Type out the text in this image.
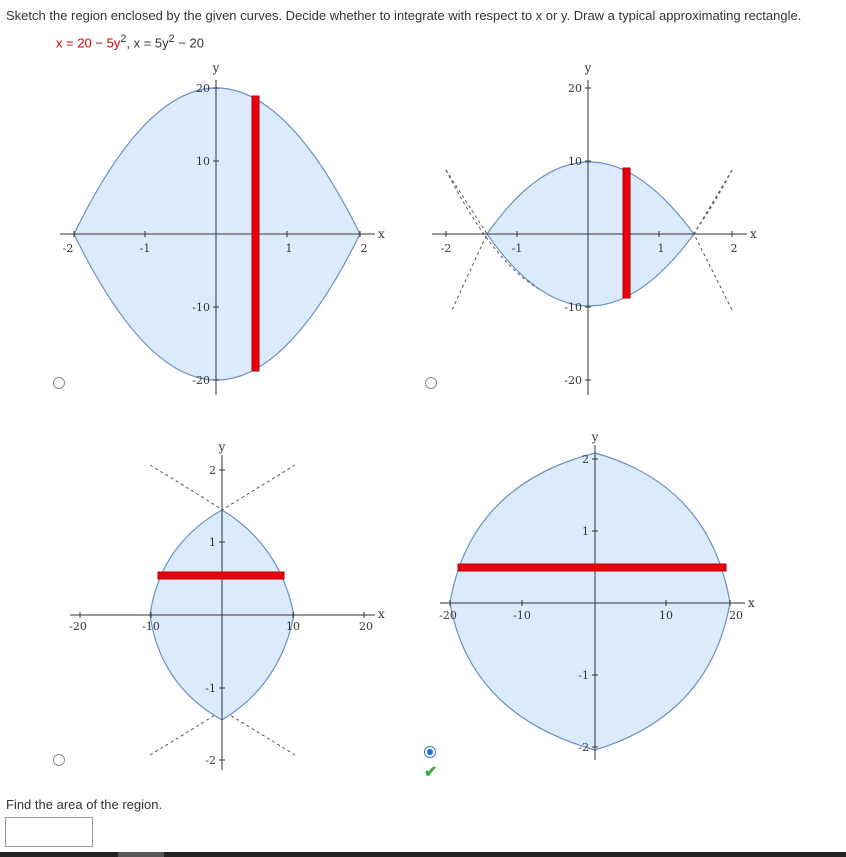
Sketch the region enclosed by the given curves. Decide whether to integrate with respect to x or y. Draw a typical approximating rectangle.
$x = 20 - 5y^2$, $x = 5y^2 - 20$
y
x
-2	-1	1	2
20
10
-10
-20
y
x
-2	-1	1	2
20
10
-10
-20
y
x
-20	-10	10	20
2
1
-1
-2
y
x
-20	-10	10	20
2
1
-1
-2
✔
Find the area of the region.
